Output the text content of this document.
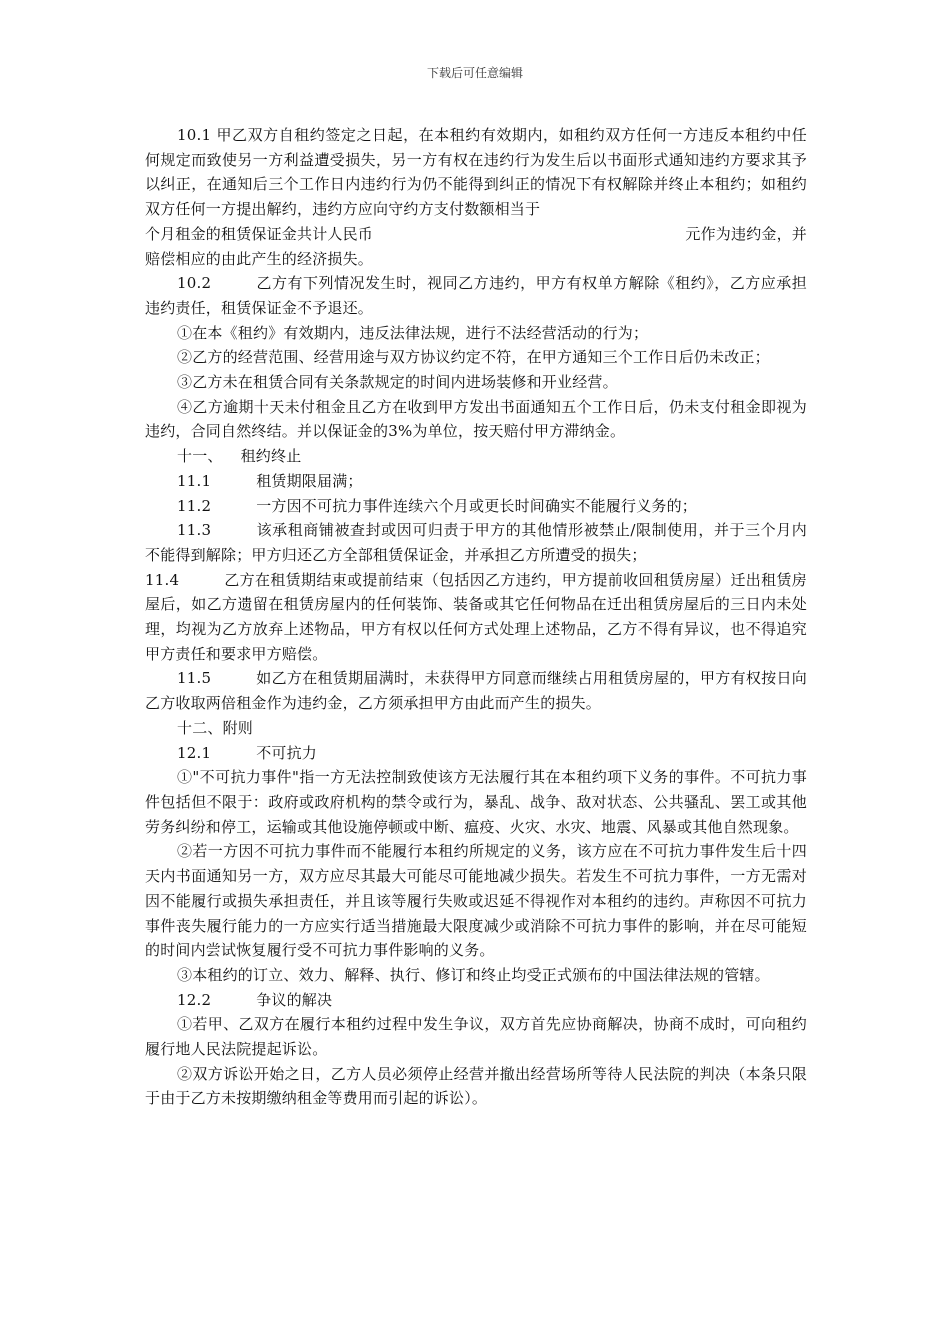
下载后可任意编辑

10.1 甲乙双方自租约签定之日起，在本租约有效期内，如租约双方任何一方违反本租约中任何规定而致使另一方利益遭受损失，另一方有权在违约行为发生后以书面形式通知违约方要求其予以纠正，在通知后三个工作日内违约行为仍不能得到纠正的情况下有权解除并终止本租约；如租约双方任何一方提出解约，违约方应向守约方支付数额相当于

个月租金的租赁保证金共计人民币	元作为违约金，并

赔偿相应的由此产生的经济损失。

10.2	乙方有下列情况发生时，视同乙方违约，甲方有权单方解除《租约》，乙方应承担违约责任，租赁保证金不予退还。

①在本《租约》有效期内，违反法律法规，进行不法经营活动的行为；

②乙方的经营范围、经营用途与双方协议约定不符，在甲方通知三个工作日后仍未改正；

③乙方未在租赁合同有关条款规定的时间内进场装修和开业经营。

④乙方逾期十天未付租金且乙方在收到甲方发出书面通知五个工作日后，仍未支付租金即视为违约，合同自然终结。并以保证金的3%为单位，按天赔付甲方滞纳金。

十一、 租约终止

11.1	租赁期限届满；

11.2	一方因不可抗力事件连续六个月或更长时间确实不能履行义务的；

11.3	该承租商铺被查封或因可归责于甲方的其他情形被禁止/限制使用，并于三个月内不能得到解除；甲方归还乙方全部租赁保证金，并承担乙方所遭受的损失；

11.4	乙方在租赁期结束或提前结束（包括因乙方违约，甲方提前收回租赁房屋）迁出租赁房屋后，如乙方遗留在租赁房屋内的任何装饰、装备或其它任何物品在迁出租赁房屋后的三日内未处理，均视为乙方放弃上述物品，甲方有权以任何方式处理上述物品，乙方不得有异议，也不得追究甲方责任和要求甲方赔偿。

11.5	如乙方在租赁期届满时，未获得甲方同意而继续占用租赁房屋的，甲方有权按日向乙方收取两倍租金作为违约金，乙方须承担甲方由此而产生的损失。

十二、附则

12.1	不可抗力

①"不可抗力事件"指一方无法控制致使该方无法履行其在本租约项下义务的事件。不可抗力事件包括但不限于：政府或政府机构的禁令或行为，暴乱、战争、敌对状态、公共骚乱、罢工或其他劳务纠纷和停工，运输或其他设施停顿或中断、瘟疫、火灾、水灾、地震、风暴或其他自然现象。

②若一方因不可抗力事件而不能履行本租约所规定的义务，该方应在不可抗力事件发生后十四天内书面通知另一方，双方应尽其最大可能尽可能地减少损失。若发生不可抗力事件，一方无需对因不能履行或损失承担责任，并且该等履行失败或迟延不得视作对本租约的违约。声称因不可抗力事件丧失履行能力的一方应实行适当措施最大限度减少或消除不可抗力事件的影响，并在尽可能短的时间内尝试恢复履行受不可抗力事件影响的义务。

③本租约的订立、效力、解释、执行、修订和终止均受正式颁布的中国法律法规的管辖。

12.2	争议的解决

①若甲、乙双方在履行本租约过程中发生争议，双方首先应协商解决，协商不成时，可向租约履行地人民法院提起诉讼。

②双方诉讼开始之日，乙方人员必须停止经营并撤出经营场所等待人民法院的判决（本条只限于由于乙方未按期缴纳租金等费用而引起的诉讼）。
